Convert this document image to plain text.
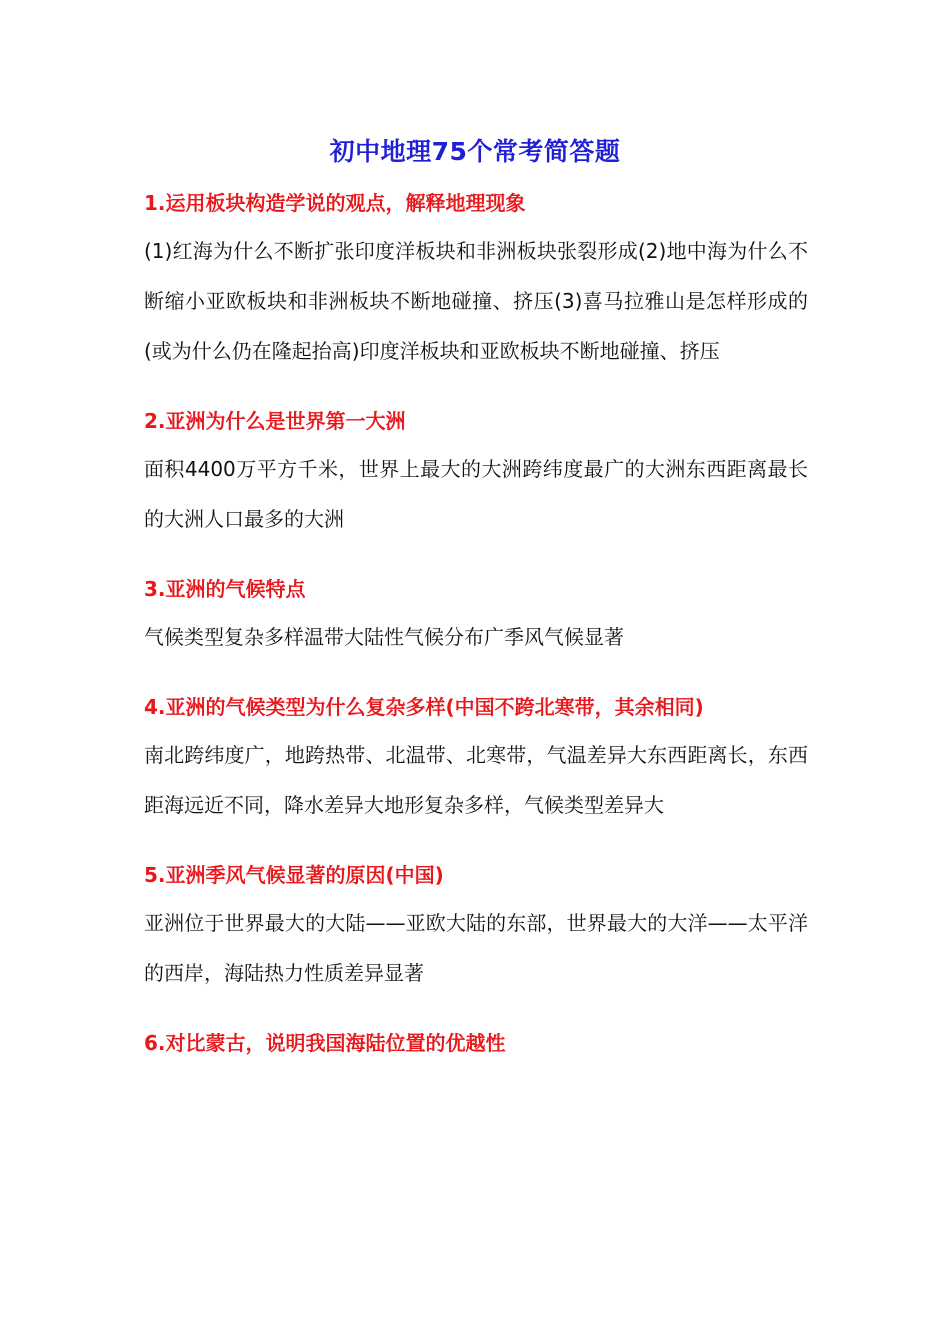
初中地理75个常考简答题
1.运用板块构造学说的观点，解释地理现象

(1)红海为什么不断扩张印度洋板块和非洲板块张裂形成(2)地中海为什么不断缩小亚欧板块和非洲板块不断地碰撞、挤压(3)喜马拉雅山是怎样形成的(或为什么仍在隆起抬高)印度洋板块和亚欧板块不断地碰撞、挤压

2.亚洲为什么是世界第一大洲

面积4400万平方千米，世界上最大的大洲跨纬度最广的大洲东西距离最长的大洲人口最多的大洲

3.亚洲的气候特点

气候类型复杂多样温带大陆性气候分布广季风气候显著

4.亚洲的气候类型为什么复杂多样(中国不跨北寒带，其余相同)

南北跨纬度广，地跨热带、北温带、北寒带，气温差异大东西距离长，东西距海远近不同，降水差异大地形复杂多样，气候类型差异大

5.亚洲季风气候显著的原因(中国)

亚洲位于世界最大的大陆——亚欧大陆的东部，世界最大的大洋——太平洋的西岸，海陆热力性质差异显著

6.对比蒙古，说明我国海陆位置的优越性
